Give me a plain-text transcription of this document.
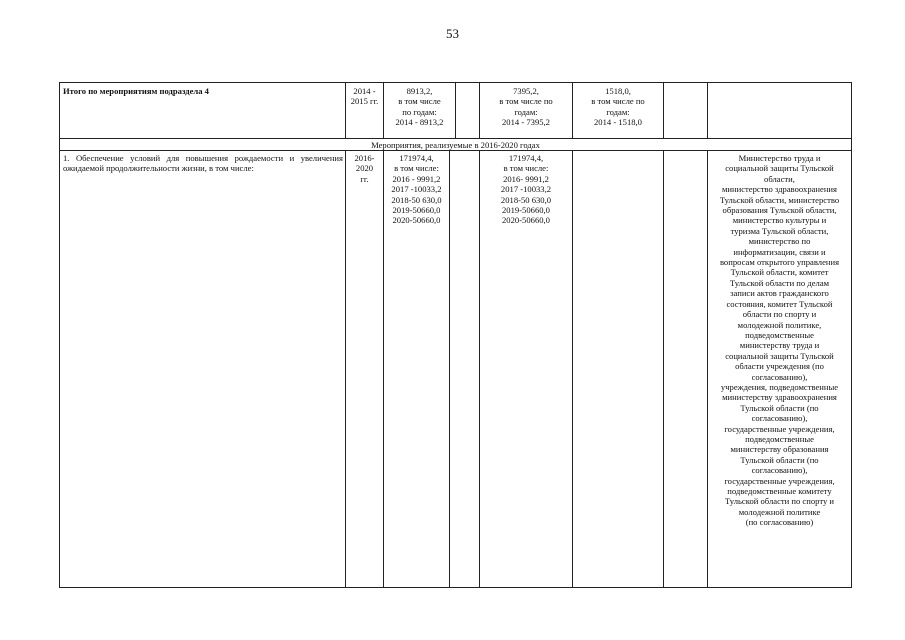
53
Итого по мероприятиям подраздела 4	2014 -
2015 гг.
8913,2,
в том числе
по годам:
2014 - 8913,2
7395,2,
в том числе по
годам:
2014 - 7395,2
1518,0,
в том числе по
годам:
2014 - 1518,0
Мероприятия, реализуемые в 2016-2020 годах
1. Обеспечение условий для повышения рождаемости и увеличения ожидаемой продолжительности жизни, в том числе:
2016-
2020
гг.
171974,4,
в том числе:
2016 - 9991,2
2017 -10033,2
2018-50 630,0
2019-50660,0
2020-50660,0
171974,4,
в том числе:
2016- 9991,2
2017 -10033,2
2018-50 630,0
2019-50660,0
2020-50660,0
Министерство труда и
социальной защиты Тульской
области,
министерство здравоохранения
Тульской области, министерство
образования Тульской области,
министерство культуры и
туризма Тульской области,
министерство по
информатизации, связи и
вопросам открытого управления
Тульской области, комитет
Тульской области по делам
записи актов гражданского
состояния, комитет Тульской
области по спорту и
молодежной политике,
подведомственные
министерству труда и
социальной защиты Тульской
области учреждения (по
согласованию),
учреждения, подведомственные
министерству здравоохранения
Тульской области (по
согласованию),
государственные учреждения,
подведомственные
министерству образования
Тульской области (по
согласованию),
государственные учреждения,
подведомственные комитету
Тульской области по спорту и
молодежной политике
(по согласованию)
